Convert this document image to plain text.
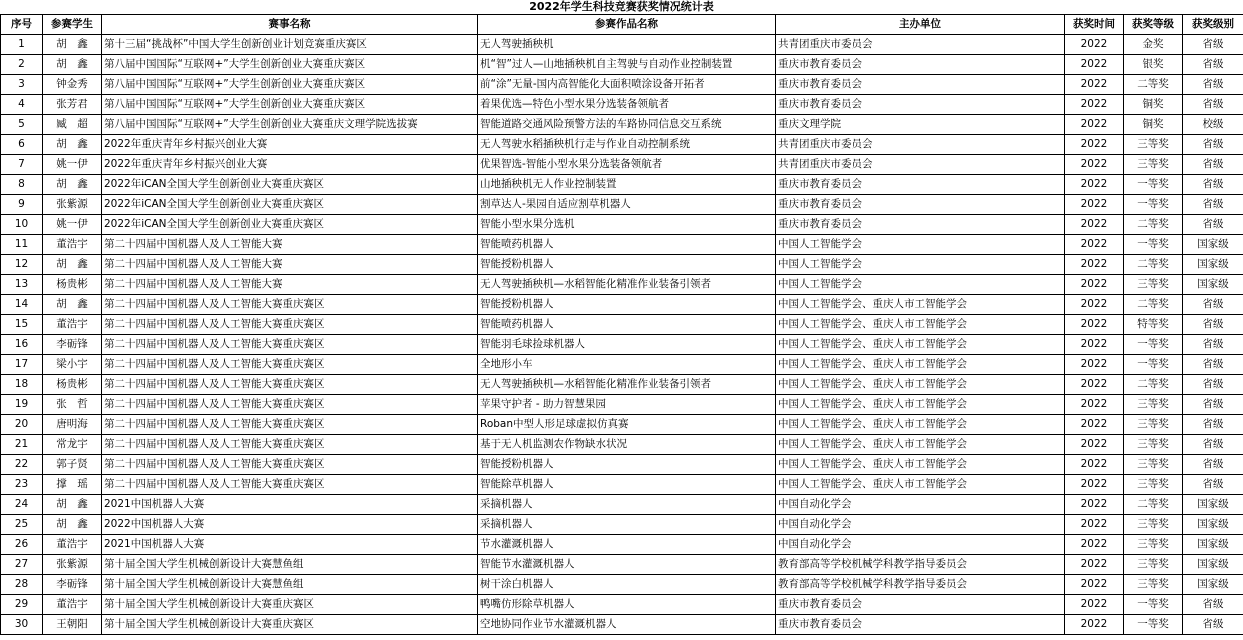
2022年学生科技竞赛获奖情况统计表
序号	参赛学生	赛事名称	参赛作品名称	主办单位	获奖时间	获奖等级	获奖级别
1	胡　鑫	第十三届“挑战杯”中国大学生创新创业计划竞赛重庆赛区	无人驾驶插秧机	共青团重庆市委员会	2022	金奖	省级
2	胡　鑫	第八届中国国际“互联网+”大学生创新创业大赛重庆赛区	机“智”过人—山地插秧机自主驾驶与自动作业控制装置	重庆市教育委员会	2022	银奖	省级
3	钟金秀	第八届中国国际“互联网+”大学生创新创业大赛重庆赛区	前“涂”无量-国内高智能化大面积喷涂设备开拓者	重庆市教育委员会	2022	二等奖	省级
4	张芳君	第八届中国国际“互联网+”大学生创新创业大赛重庆赛区	着果优选—特色小型水果分选装备领航者	重庆市教育委员会	2022	铜奖	省级
5	臧　超	第八届中国国际“互联网+”大学生创新创业大赛重庆文理学院选拔赛	智能道路交通风险预警方法的车路协同信息交互系统	重庆文理学院	2022	铜奖	校级
6	胡　鑫	2022年重庆青年乡村振兴创业大赛	无人驾驶水稻插秧机行走与作业自动控制系统	共青团重庆市委员会	2022	三等奖	省级
7	姚一伊	2022年重庆青年乡村振兴创业大赛	优果智选-智能小型水果分选装备领航者	共青团重庆市委员会	2022	三等奖	省级
8	胡　鑫	2022年iCAN全国大学生创新创业大赛重庆赛区	山地插秧机无人作业控制装置	重庆市教育委员会	2022	一等奖	省级
9	张紫源	2022年iCAN全国大学生创新创业大赛重庆赛区	割草达人-果园自适应割草机器人	重庆市教育委员会	2022	一等奖	省级
10	姚一伊	2022年iCAN全国大学生创新创业大赛重庆赛区	智能小型水果分选机	重庆市教育委员会	2022	二等奖	省级
11	董浩宇	第二十四届中国机器人及人工智能大赛	智能喷药机器人	中国人工智能学会	2022	一等奖	国家级
12	胡　鑫	第二十四届中国机器人及人工智能大赛	智能授粉机器人	中国人工智能学会	2022	二等奖	国家级
13	杨贵彬	第二十四届中国机器人及人工智能大赛	无人驾驶插秧机—水稻智能化精准作业装备引领者	中国人工智能学会	2022	三等奖	国家级
14	胡　鑫	第二十四届中国机器人及人工智能大赛重庆赛区	智能授粉机器人	中国人工智能学会、重庆人市工智能学会	2022	二等奖	省级
15	董浩宇	第二十四届中国机器人及人工智能大赛重庆赛区	智能喷药机器人	中国人工智能学会、重庆人市工智能学会	2022	特等奖	省级
16	李砺锋	第二十四届中国机器人及人工智能大赛重庆赛区	智能羽毛球捡球机器人	中国人工智能学会、重庆人市工智能学会	2022	一等奖	省级
17	梁小宇	第二十四届中国机器人及人工智能大赛重庆赛区	全地形小车	中国人工智能学会、重庆人市工智能学会	2022	一等奖	省级
18	杨贵彬	第二十四届中国机器人及人工智能大赛重庆赛区	无人驾驶插秧机—水稻智能化精准作业装备引领者	中国人工智能学会、重庆人市工智能学会	2022	二等奖	省级
19	张　哲	第二十四届中国机器人及人工智能大赛重庆赛区	苹果守护者 - 助力智慧果园	中国人工智能学会、重庆人市工智能学会	2022	三等奖	省级
20	唐明海	第二十四届中国机器人及人工智能大赛重庆赛区	Roban中型人形足球虚拟仿真赛	中国人工智能学会、重庆人市工智能学会	2022	三等奖	省级
21	常龙宇	第二十四届中国机器人及人工智能大赛重庆赛区	基于无人机监测农作物缺水状况	中国人工智能学会、重庆人市工智能学会	2022	三等奖	省级
22	郭子贤	第二十四届中国机器人及人工智能大赛重庆赛区	智能授粉机器人	中国人工智能学会、重庆人市工智能学会	2022	三等奖	省级
23	撑　瑶	第二十四届中国机器人及人工智能大赛重庆赛区	智能除草机器人	中国人工智能学会、重庆人市工智能学会	2022	三等奖	省级
24	胡　鑫	2021中国机器人大赛	采摘机器人	中国自动化学会	2022	二等奖	国家级
25	胡　鑫	2022中国机器人大赛	采摘机器人	中国自动化学会	2022	三等奖	国家级
26	董浩宇	2021中国机器人大赛	节水灌溉机器人	中国自动化学会	2022	三等奖	国家级
27	张紫源	第十届全国大学生机械创新设计大赛慧鱼组	智能节水灌溉机器人	教育部高等学校机械学科教学指导委员会	2022	三等奖	国家级
28	李砺锋	第十届全国大学生机械创新设计大赛慧鱼组	树干涂白机器人	教育部高等学校机械学科教学指导委员会	2022	三等奖	国家级
29	董浩宇	第十届全国大学生机械创新设计大赛重庆赛区	鸭嘴仿形除草机器人	重庆市教育委员会	2022	一等奖	省级
30	王朝阳	第十届全国大学生机械创新设计大赛重庆赛区	空地协同作业节水灌溉机器人	重庆市教育委员会	2022	一等奖	省级
